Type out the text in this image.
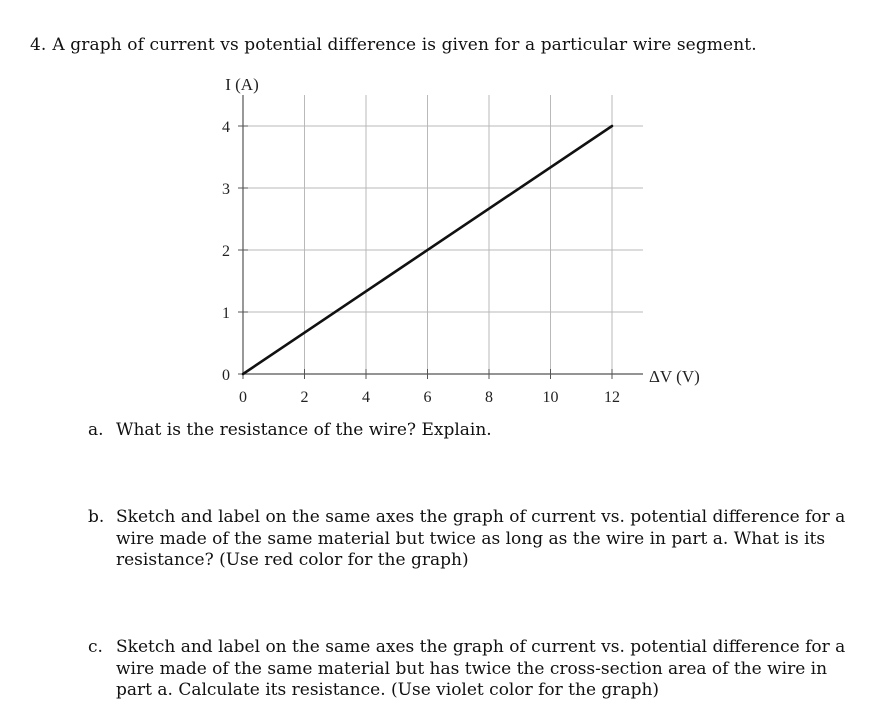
4. A graph of current vs potential difference is given for a particular wire segment.
0	2	4	6	8	10	12
0
1
2
3
4
I (A)
ΔV (V)
a. What is the resistance of the wire? Explain.
b. Sketch and label on the same axes the graph of current vs. potential difference for a wire made of the same material but twice as long as the wire in part a. What is its resistance? (Use red color for the graph)
c. Sketch and label on the same axes the graph of current vs. potential difference for a wire made of the same material but has twice the cross-section area of the wire in part a. Calculate its resistance. (Use violet color for the graph)
